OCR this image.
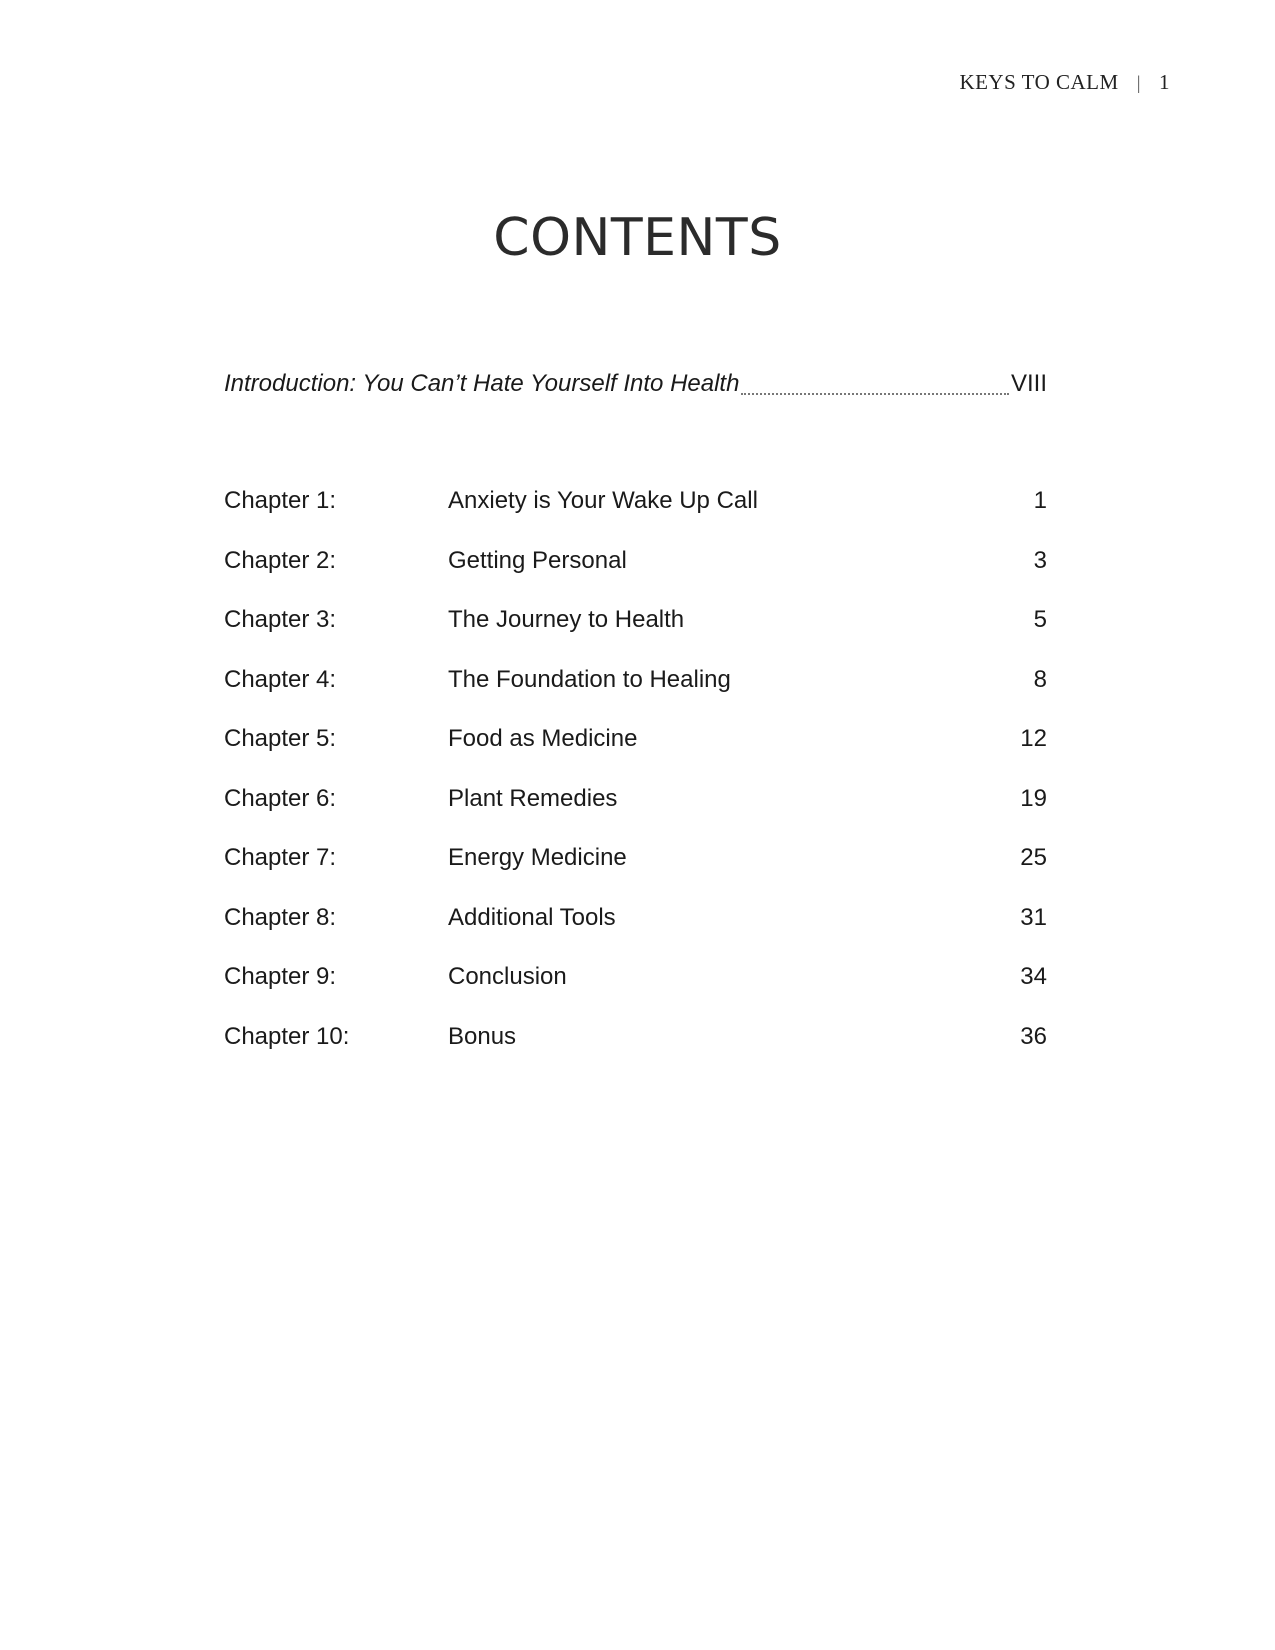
KEYS TO CALM | 1
CONTENTS
Introduction: You Can’t Hate Yourself Into Health	VIII
Chapter 1:	Anxiety is Your Wake Up Call	1
Chapter 2:	Getting Personal	3
Chapter 3:	The Journey to Health	5
Chapter 4:	The Foundation to Healing	8
Chapter 5:	Food as Medicine	12
Chapter 6:	Plant Remedies	19
Chapter 7:	Energy Medicine	25
Chapter 8:	Additional Tools	31
Chapter 9:	Conclusion	34
Chapter 10:	Bonus	36
